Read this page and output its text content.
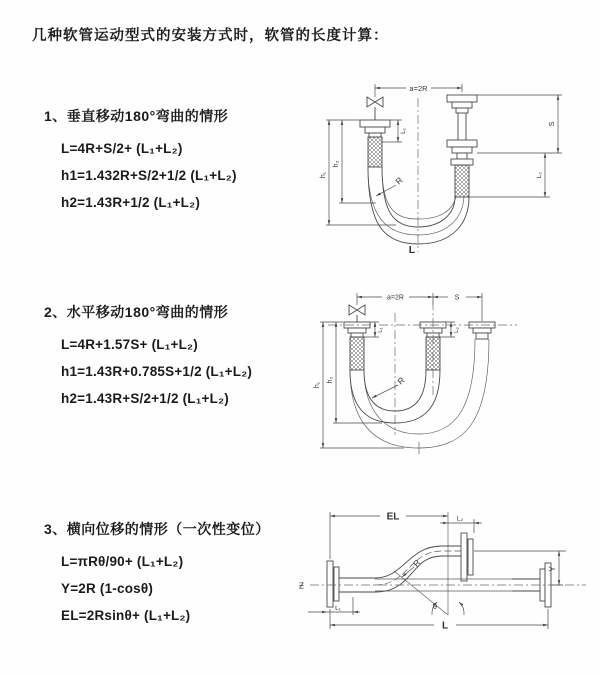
几种软管运动型式的安装方式时，软管的长度计算：
1、垂直移动180°弯曲的情形
L=4R+S/2+ (L₁+L₂)
h1=1.432R+S/2+1/2 (L₁+L₂)
h2=1.43R+1/2 (L₁+L₂)
2、水平移动180°弯曲的情形
L=4R+1.57S+ (L₁+L₂)
h1=1.43R+0.785S+1/2 (L₁+L₂)
h2=1.43R+S/2+1/2 (L₁+L₂)
3、横向位移的情形（一次性变位）
L=πRθ/90+ (L₁+L₂)
Y=2R (1-cosθ)
EL=2Rsinθ+ (L₁+L₂)
a=2R
h₁
h₂
L₁
S
L₂
R
L
a=2R	S
h₁
h₂
L₁	L₂
R
EL	L₂
Ƶ
θ
R
Y
L
L₁
